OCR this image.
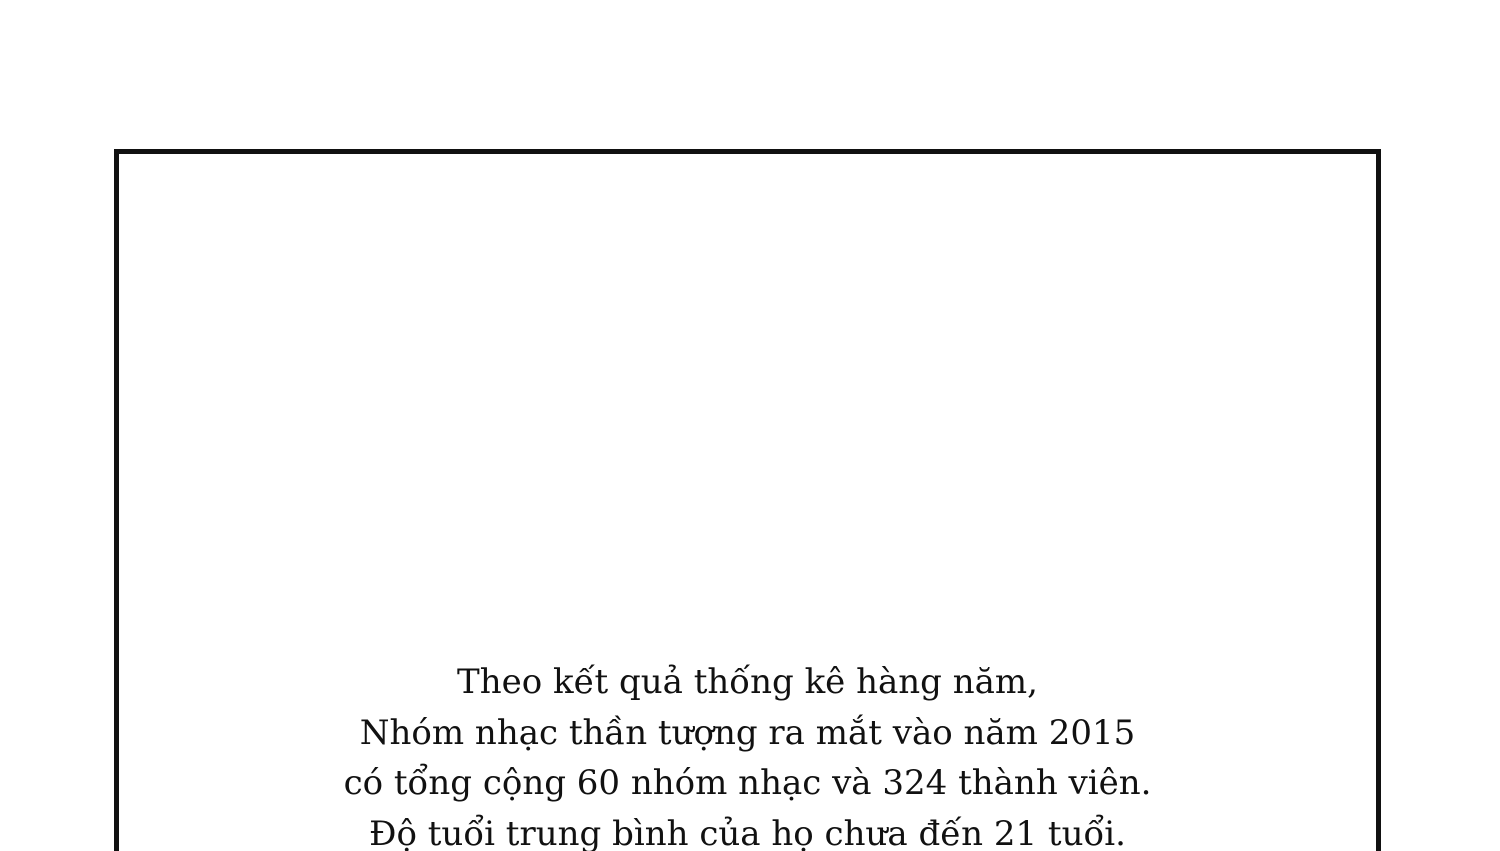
Theo kết quả thống kê hàng năm,
Nhóm nhạc thần tượng ra mắt vào năm 2015
có tổng cộng 60 nhóm nhạc và 324 thành viên.
Độ tuổi trung bình của họ chưa đến 21 tuổi.
